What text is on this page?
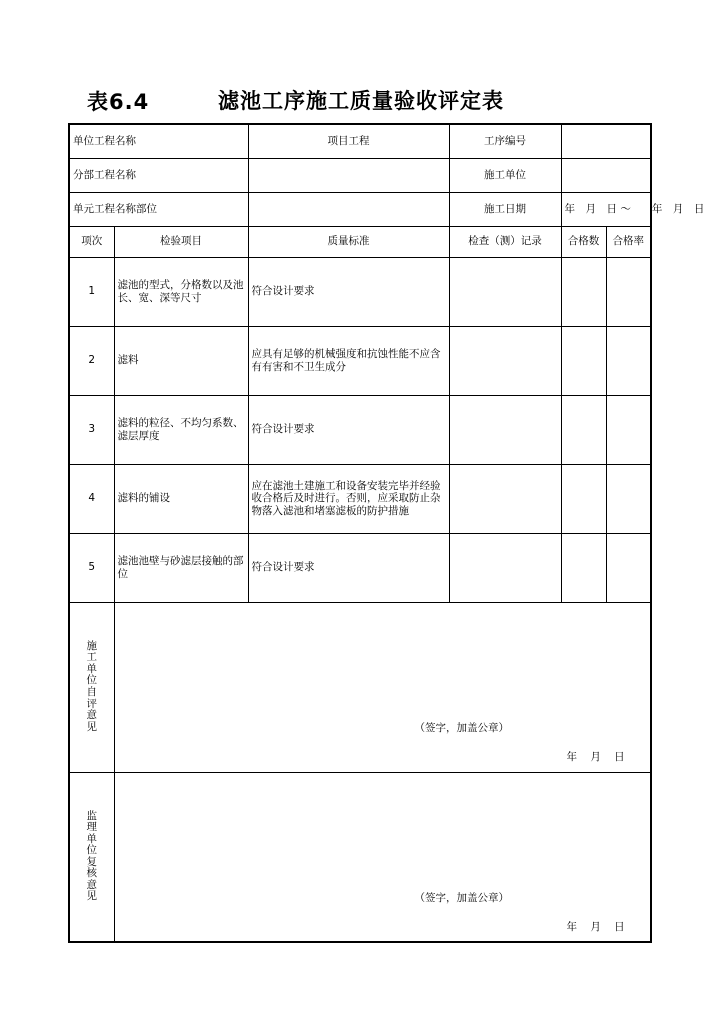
表6.4	滤池工序施工质量验收评定表
单位工程名称		项目工程	工序编号		
分部工程名称			施工单位		
单元工程名称部位			施工日期	年　月　日 ～　　年　月　日	
项次	检验项目	质量标准	检查（测）记录	合格数	合格率
1	滤池的型式，分格数以及池长、宽、深等尺寸	符合设计要求			
2	滤料	应具有足够的机械强度和抗蚀性能不应含有有害和不卫生成分			
3	滤料的粒径、不均匀系数、滤层厚度	符合设计要求			
4	滤料的铺设	应在滤池土建施工和设备安装完毕并经验收合格后及时进行。否则，应采取防止杂物落入滤池和堵塞滤板的防护措施			
5	滤池池壁与砂滤层接触的部位	符合设计要求			

施工单位自评意见	（签字，加盖公章）
年 月 日				

监理单位复核意见	（签字，加盖公章）
年 月 日				
